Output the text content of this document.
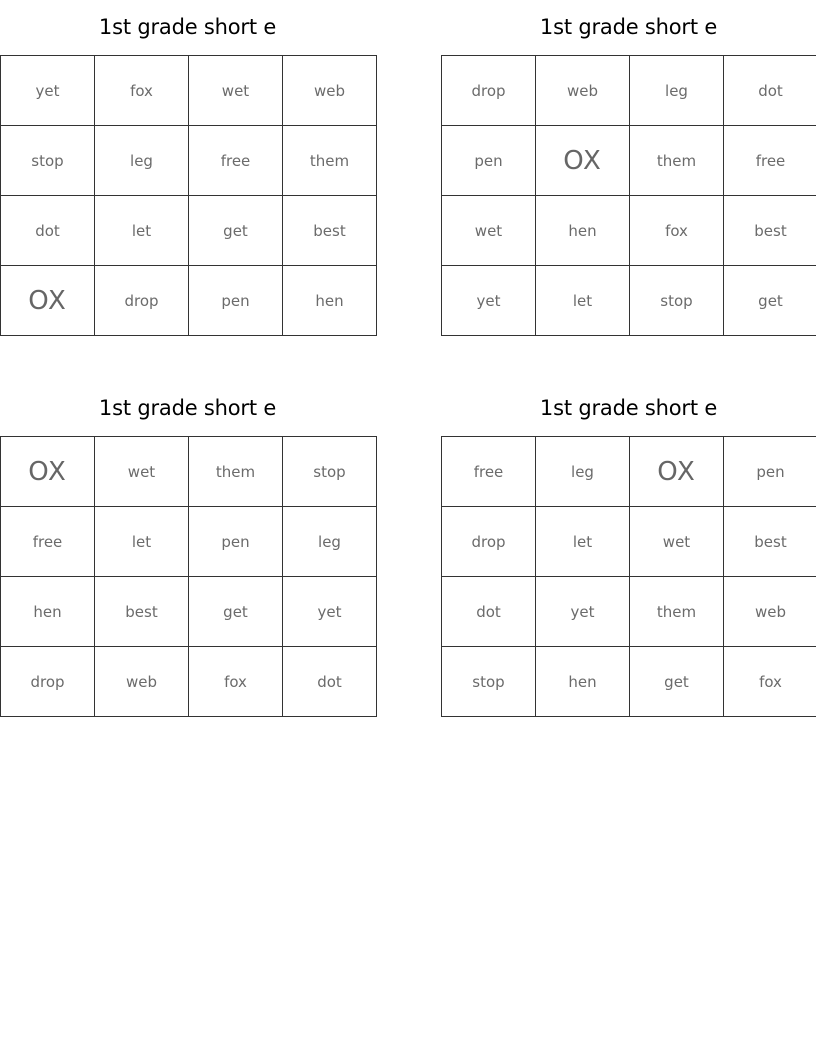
1st grade short e
yet	fox	wet	web
stop	leg	free	them
dot	let	get	best
OX	drop	pen	hen
1st grade short e
drop	web	leg	dot
pen	OX	them	free
wet	hen	fox	best
yet	let	stop	get
1st grade short e
OX	wet	them	stop
free	let	pen	leg
hen	best	get	yet
drop	web	fox	dot
1st grade short e
free	leg	OX	pen
drop	let	wet	best
dot	yet	them	web
stop	hen	get	fox
